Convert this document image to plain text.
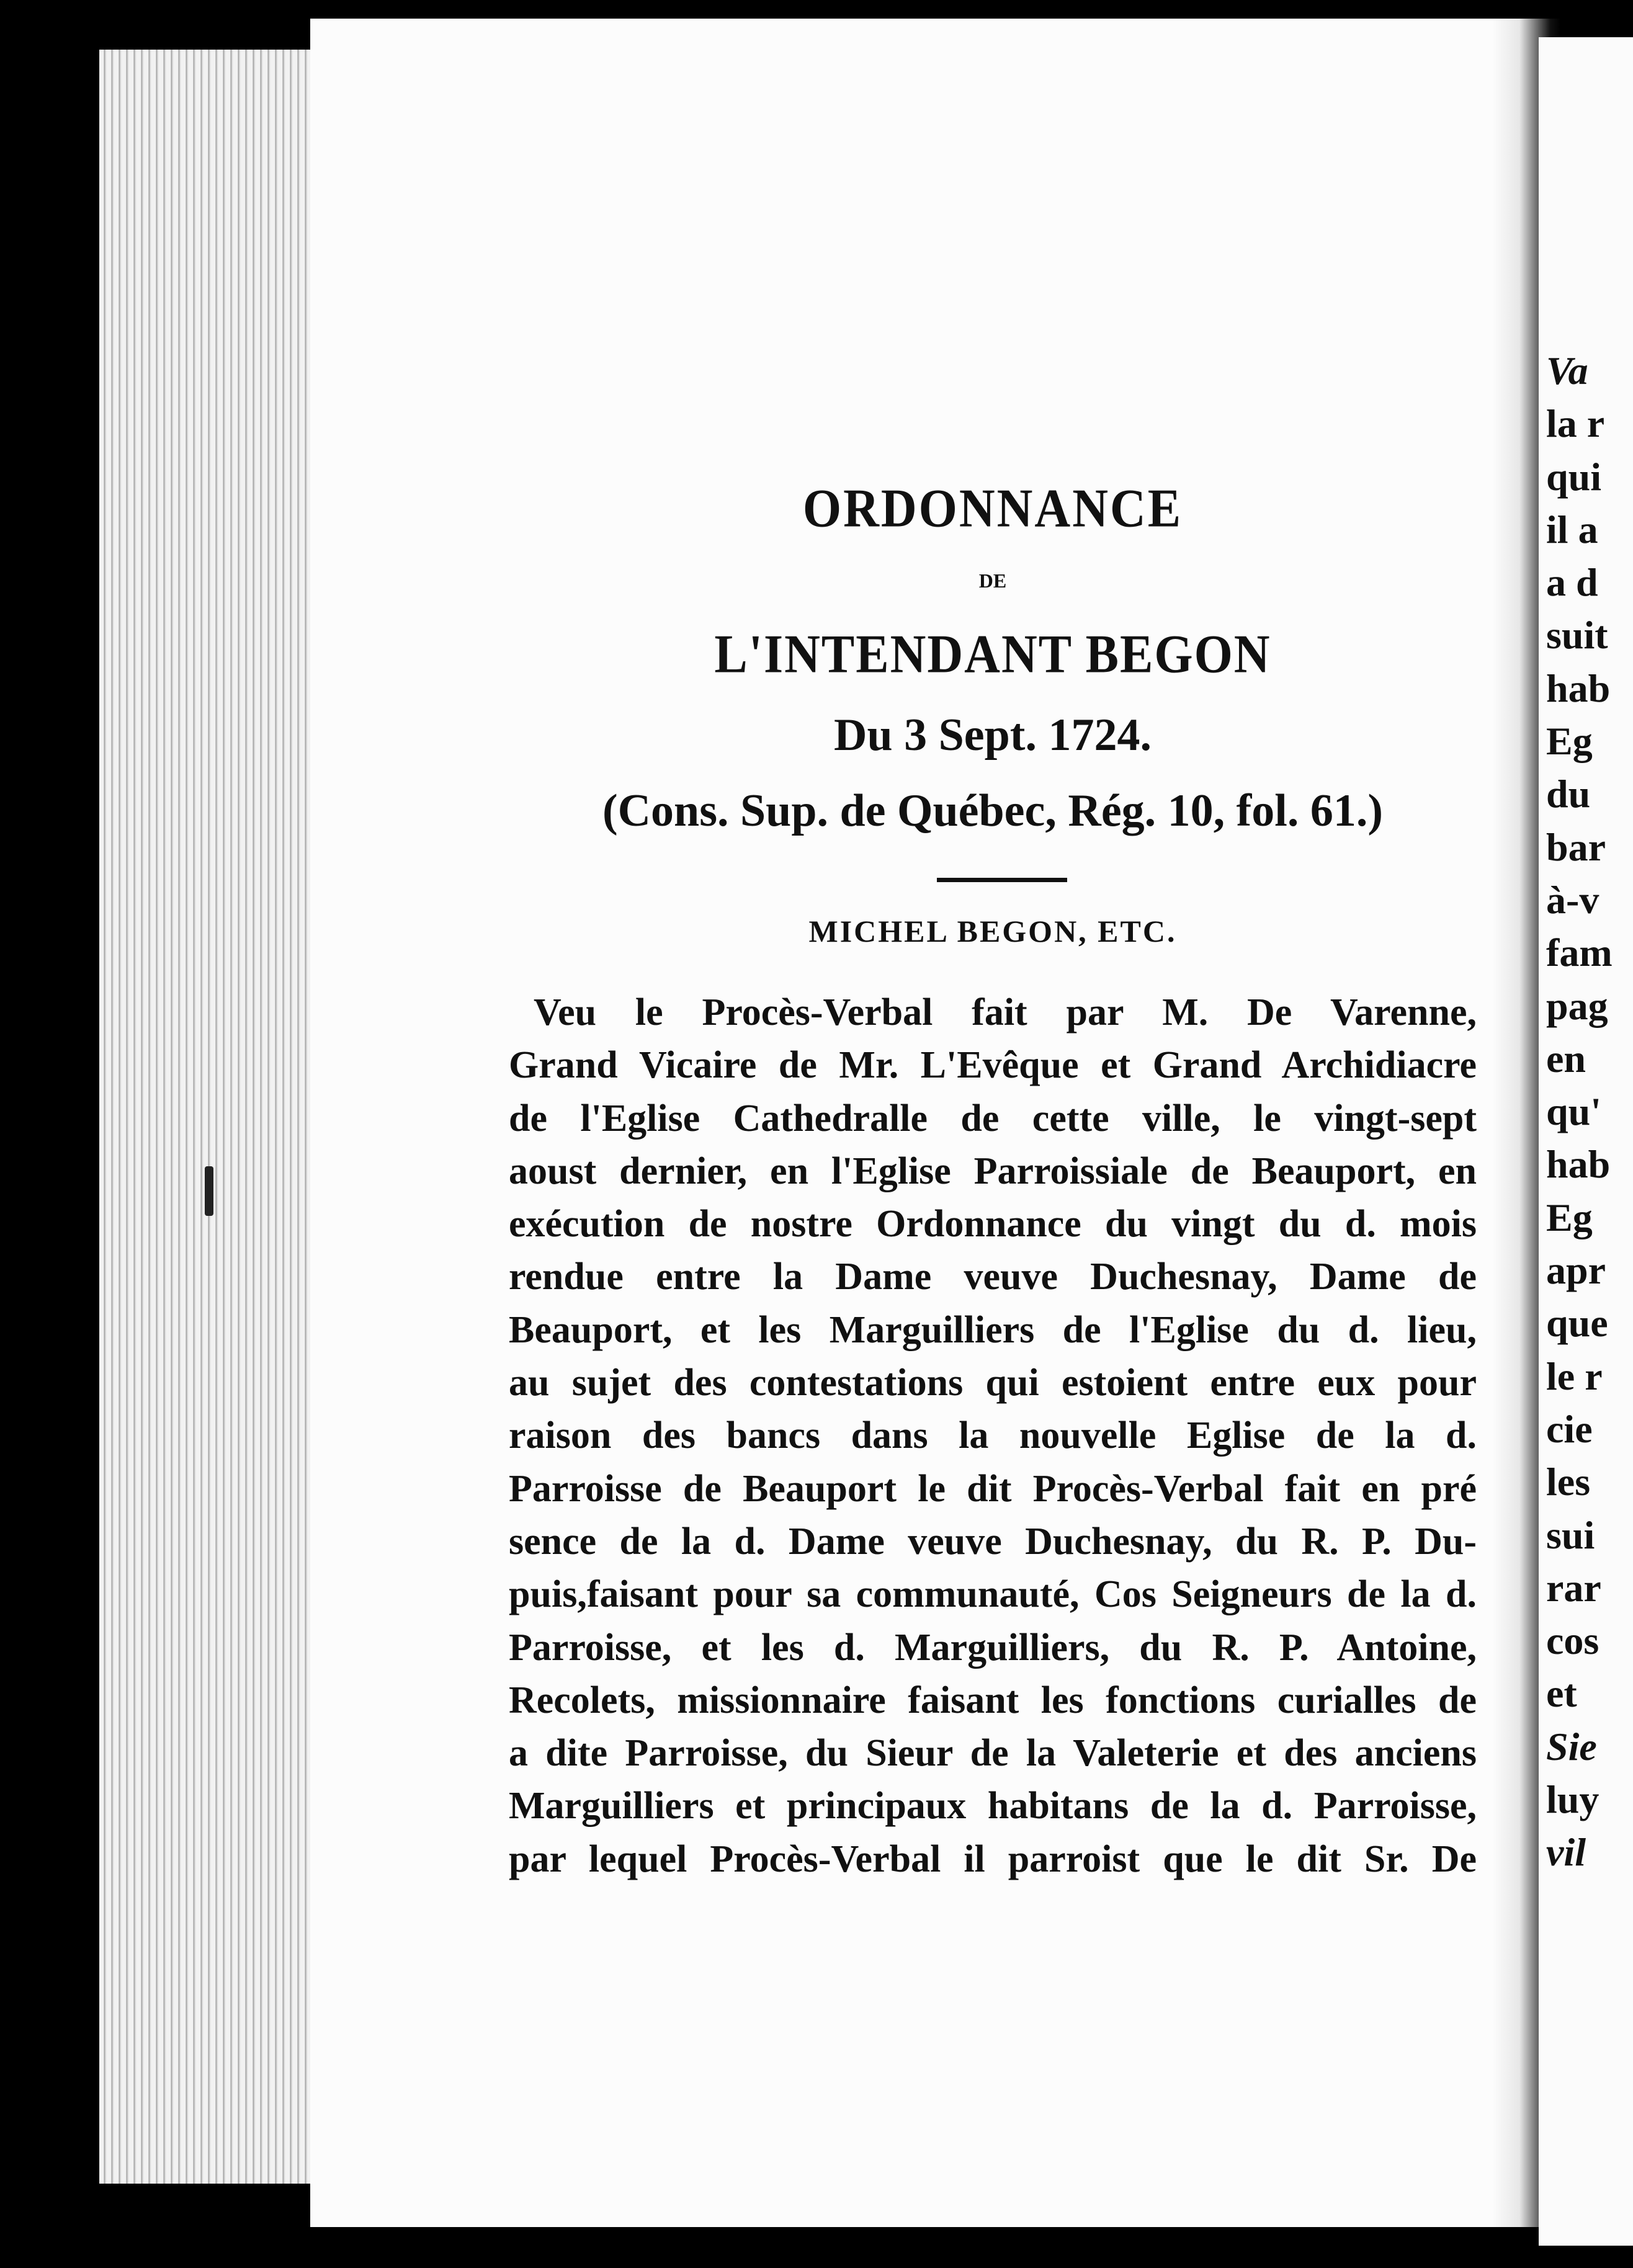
ORDONNANCE
DE
L'INTENDANT BEGON
Du 3 Sept. 1724.
(Cons. Sup. de Québec, Rég. 10, fol. 61.)
MICHEL BEGON, ETC.
Veu le Procès-Verbal fait par M. De Varenne,
Grand Vicaire de Mr. L'Evêque et Grand Archidiacre
de l'Eglise Cathedralle de cette ville, le vingt-sept
aoust dernier, en l'Eglise Parroissiale de Beauport, en
exécution de nostre Ordonnance du vingt du d. mois
rendue entre la Dame veuve Duchesnay, Dame de
Beauport, et les Marguilliers de l'Eglise du d. lieu,
au sujet des contestations qui estoient entre eux pour
raison des bancs dans la nouvelle Eglise de la d.
Parroisse de Beauport le dit Procès-Verbal fait en pré
sence de la d. Dame veuve Duchesnay, du R. P. Du-
puis,faisant pour sa communauté, Cos Seigneurs de la d.
Parroisse, et les d. Marguilliers, du R. P. Antoine,
Recolets, missionnaire faisant les fonctions curialles de
a dite Parroisse, du Sieur de la Valeterie et des anciens
Marguilliers et principaux habitans de la d. Parroisse,
par lequel Procès-Verbal il parroist que le dit Sr. De
Va
la r
qui
il a
a d
suit
hab
Eg
du
bar
à-v
fam
pag
en
qu'
hab
Eg
apr
que
le r
cie
les
sui
rar
cos
et
Sie
luy
vil
